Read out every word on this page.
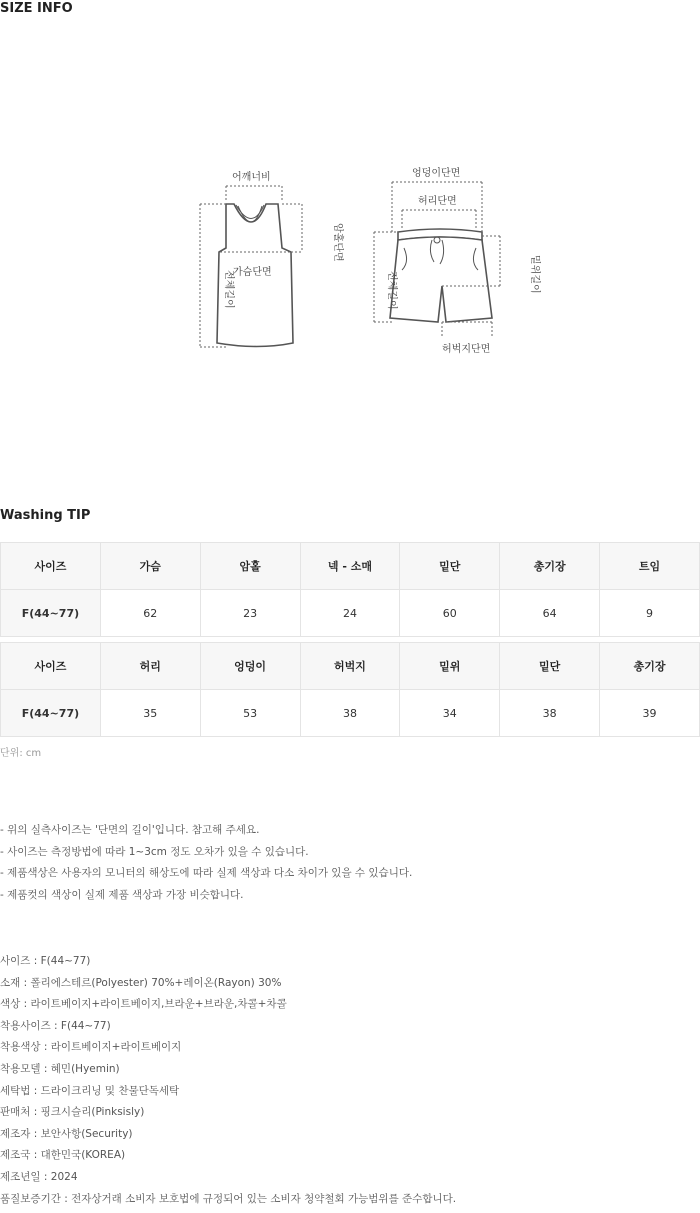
SIZE INFO
어깨너비
가슴단면
암홀단면
전체길이
엉덩이단면
허리단면
밑위길이
전체길이
허벅지단면
Washing TIP
사이즈	가슴	암홀	넥 - 소매	밑단	총기장	트임
F(44~77)	62	23	24	60	64	9
사이즈	허리	엉덩이	허벅지	밑위	밑단	총기장
F(44~77)	35	53	38	34	38	39
단위: cm
- 위의 실측사이즈는 '단면의 길이'입니다. 참고해 주세요.
- 사이즈는 측정방법에 따라 1~3cm 정도 오차가 있을 수 있습니다.
- 제품색상은 사용자의 모니터의 해상도에 따라 실제 색상과 다소 차이가 있을 수 있습니다.
- 제품컷의 색상이 실제 제품 색상과 가장 비슷합니다.
사이즈 : F(44~77)
소재 : 폴리에스테르(Polyester) 70%+레이온(Rayon) 30%
색상 : 라이트베이지+라이트베이지,브라운+브라운,차콜+차콜
착용사이즈 : F(44~77)
착용색상 : 라이트베이지+라이트베이지
착용모델 : 혜민(Hyemin)
세탁법 : 드라이크리닝 및 찬물단독세탁
판매처 : 핑크시슬리(Pinksisly)
제조자 : 보안사항(Security)
제조국 : 대한민국(KOREA)
제조년일 : 2024
품질보증기간 : 전자상거래 소비자 보호법에 규정되어 있는 소비자 청약철회 가능범위를 준수합니다.
